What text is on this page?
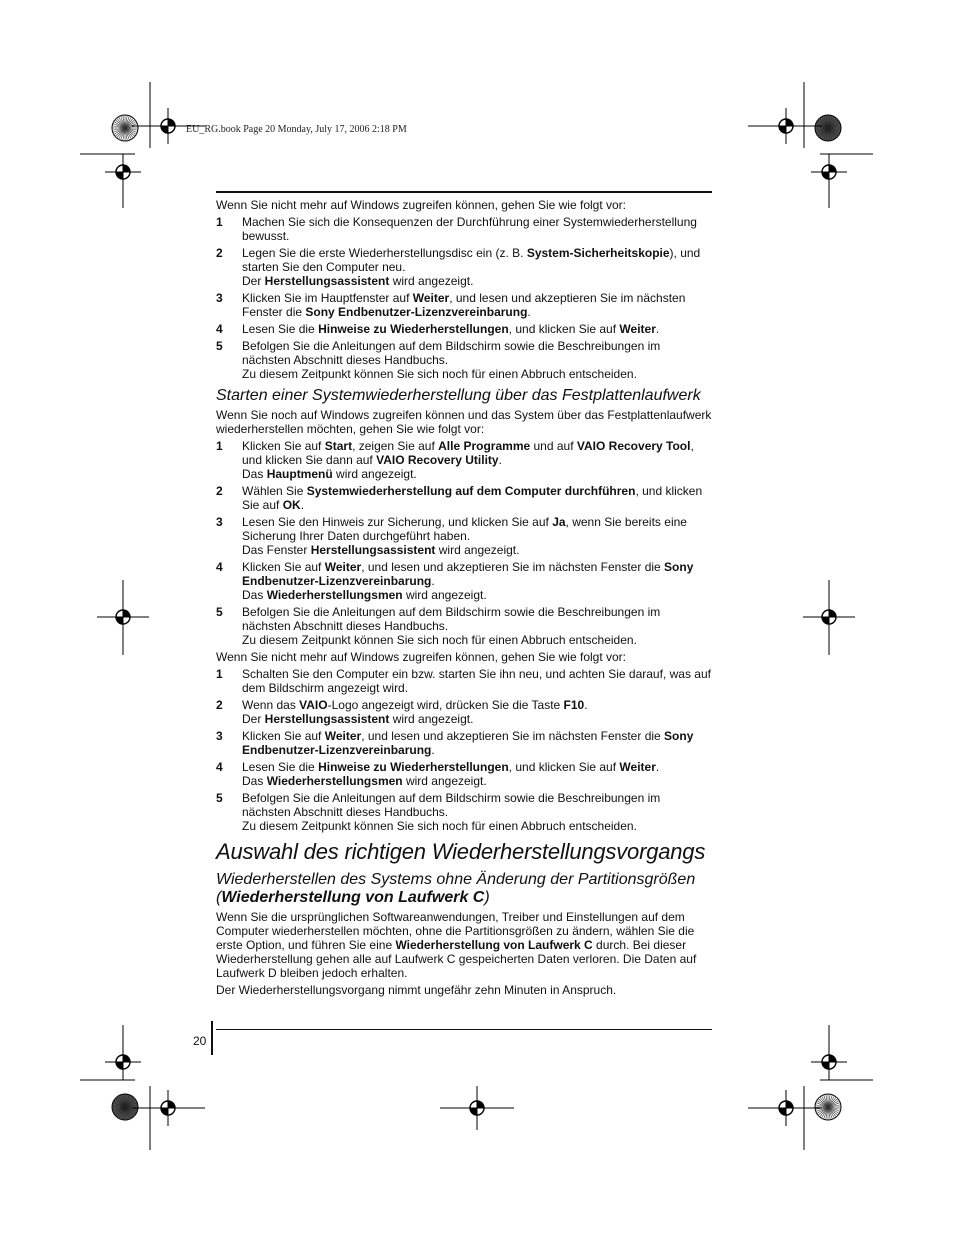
EU_RG.book Page 20 Monday, July 17, 2006 2:18 PM

Wenn Sie nicht mehr auf Windows zugreifen können, gehen Sie wie folgt vor:

1	Machen Sie sich die Konsequenzen der Durchführung einer Systemwiederherstellung bewusst.
2	Legen Sie die erste Wiederherstellungsdisc ein (z. B. System-Sicherheitskopie), und starten Sie den Computer neu.
Der Herstellungsassistent wird angezeigt.
3	Klicken Sie im Hauptfenster auf Weiter, und lesen und akzeptieren Sie im nächsten Fenster die Sony Endbenutzer-Lizenzvereinbarung.
4	Lesen Sie die Hinweise zu Wiederherstellungen, und klicken Sie auf Weiter.
5	Befolgen Sie die Anleitungen auf dem Bildschirm sowie die Beschreibungen im nächsten Abschnitt dieses Handbuchs.
Zu diesem Zeitpunkt können Sie sich noch für einen Abbruch entscheiden.
Starten einer Systemwiederherstellung über das Festplattenlaufwerk

Wenn Sie noch auf Windows zugreifen können und das System über das Festplattenlaufwerk wiederherstellen möchten, gehen Sie wie folgt vor:

1	Klicken Sie auf Start, zeigen Sie auf Alle Programme und auf VAIO Recovery Tool, und klicken Sie dann auf VAIO Recovery Utility.
Das Hauptmenü wird angezeigt.
2	Wählen Sie Systemwiederherstellung auf dem Computer durchführen, und klicken Sie auf OK.
3	Lesen Sie den Hinweis zur Sicherung, und klicken Sie auf Ja, wenn Sie bereits eine Sicherung Ihrer Daten durchgeführt haben.
Das Fenster Herstellungsassistent wird angezeigt.
4	Klicken Sie auf Weiter, und lesen und akzeptieren Sie im nächsten Fenster die Sony Endbenutzer-Lizenzvereinbarung.
Das Wiederherstellungsmen wird angezeigt.
5	Befolgen Sie die Anleitungen auf dem Bildschirm sowie die Beschreibungen im nächsten Abschnitt dieses Handbuchs.
Zu diesem Zeitpunkt können Sie sich noch für einen Abbruch entscheiden.

Wenn Sie nicht mehr auf Windows zugreifen können, gehen Sie wie folgt vor:

1	Schalten Sie den Computer ein bzw. starten Sie ihn neu, und achten Sie darauf, was auf dem Bildschirm angezeigt wird.
2	Wenn das VAIO-Logo angezeigt wird, drücken Sie die Taste F10.
Der Herstellungsassistent wird angezeigt.
3	Klicken Sie auf Weiter, und lesen und akzeptieren Sie im nächsten Fenster die Sony Endbenutzer-Lizenzvereinbarung.
4	Lesen Sie die Hinweise zu Wiederherstellungen, und klicken Sie auf Weiter.
Das Wiederherstellungsmen wird angezeigt.
5	Befolgen Sie die Anleitungen auf dem Bildschirm sowie die Beschreibungen im nächsten Abschnitt dieses Handbuchs.
Zu diesem Zeitpunkt können Sie sich noch für einen Abbruch entscheiden.
Auswahl des richtigen Wiederherstellungsvorgangs
Wiederherstellen des Systems ohne Änderung der Partitionsgrößen (Wiederherstellung von Laufwerk C)

Wenn Sie die ursprünglichen Softwareanwendungen, Treiber und Einstellungen auf dem Computer wiederherstellen möchten, ohne die Partitionsgrößen zu ändern, wählen Sie die erste Option, und führen Sie eine Wiederherstellung von Laufwerk C durch. Bei dieser Wiederherstellung gehen alle auf Laufwerk C gespeicherten Daten verloren. Die Daten auf Laufwerk D bleiben jedoch erhalten.

Der Wiederherstellungsvorgang nimmt ungefähr zehn Minuten in Anspruch.

20
